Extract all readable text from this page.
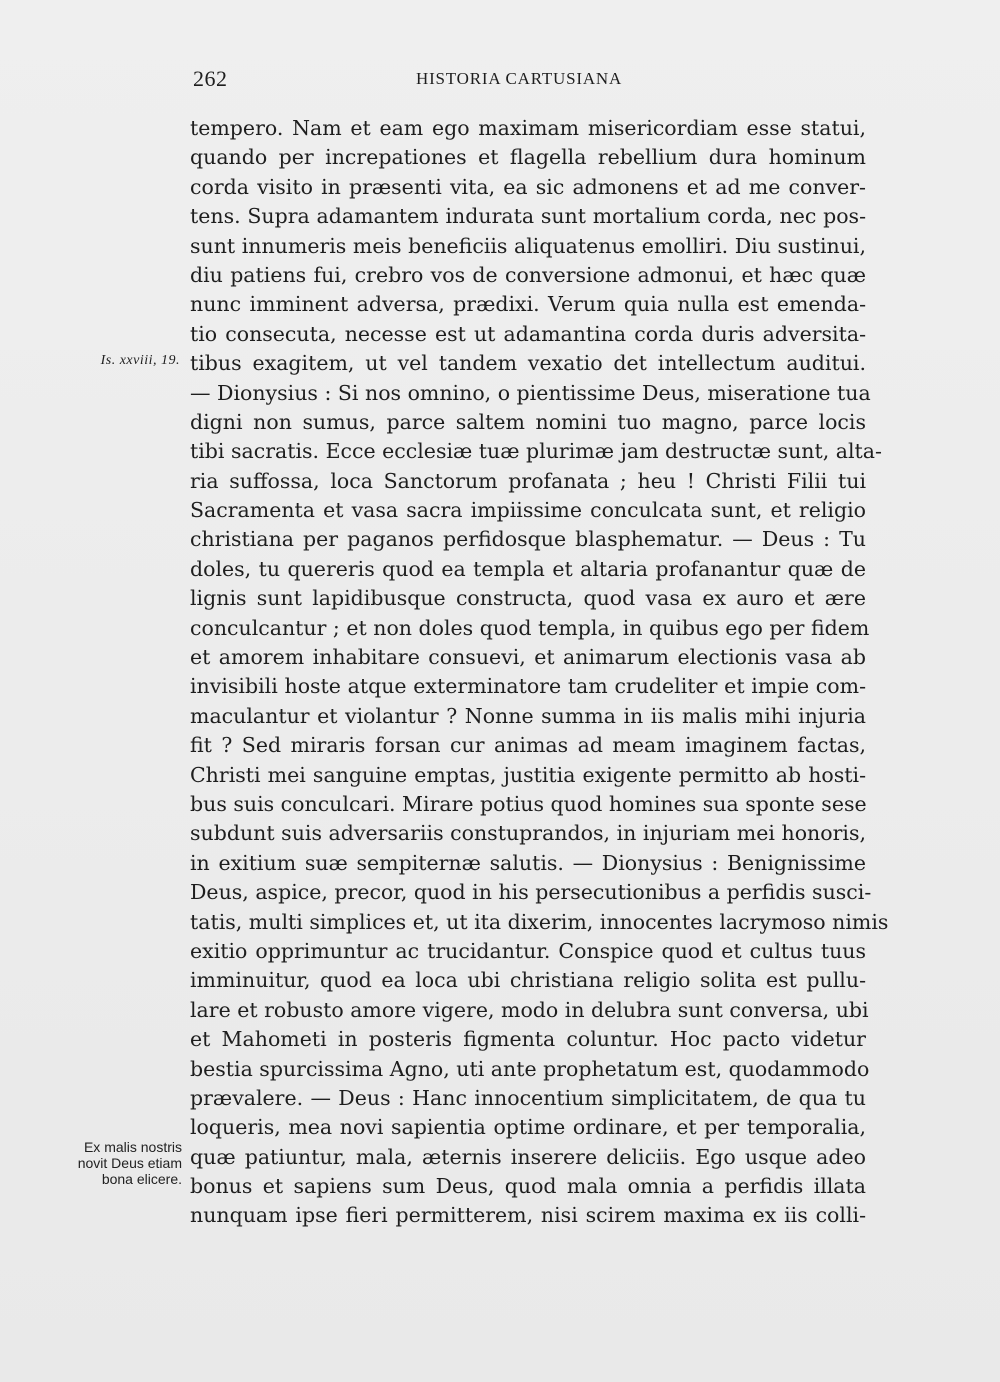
262	HISTORIA CARTUSIANA
Is. xxviii, 19.
Ex malis nostris
novit Deus etiam
bona elicere.
tempero. Nam et eam ego maximam misericordiam esse statui,
quando per increpationes et flagella rebellium dura hominum
corda visito in præsenti vita, ea sic admonens et ad me conver-
tens. Supra adamantem indurata sunt mortalium corda, nec pos-
sunt innumeris meis beneficiis aliquatenus emolliri. Diu sustinui,
diu patiens fui, crebro vos de conversione admonui, et hæc quæ
nunc imminent adversa, prædixi. Verum quia nulla est emenda-
tio consecuta, necesse est ut adamantina corda duris adversita-
tibus exagitem, ut vel tandem vexatio det intellectum auditui.
— Dionysius : Si nos omnino, o pientissime Deus, miseratione tua
digni non sumus, parce saltem nomini tuo magno, parce locis
tibi sacratis. Ecce ecclesiæ tuæ plurimæ jam destructæ sunt, alta-
ria suffossa, loca Sanctorum profanata ; heu ! Christi Filii tui
Sacramenta et vasa sacra impiissime conculcata sunt, et religio
christiana per paganos perfidosque blasphematur. — Deus : Tu
doles, tu quereris quod ea templa et altaria profanantur quæ de
lignis sunt lapidibusque constructa, quod vasa ex auro et ære
conculcantur ; et non doles quod templa, in quibus ego per fidem
et amorem inhabitare consuevi, et animarum electionis vasa ab
invisibili hoste atque exterminatore tam crudeliter et impie com-
maculantur et violantur ? Nonne summa in iis malis mihi injuria
fit ? Sed miraris forsan cur animas ad meam imaginem factas,
Christi mei sanguine emptas, justitia exigente permitto ab hosti-
bus suis conculcari. Mirare potius quod homines sua sponte sese
subdunt suis adversariis constuprandos, in injuriam mei honoris,
in exitium suæ sempiternæ salutis. — Dionysius : Benignissime
Deus, aspice, precor, quod in his persecutionibus a perfidis susci-
tatis, multi simplices et, ut ita dixerim, innocentes lacrymoso nimis
exitio opprimuntur ac trucidantur. Conspice quod et cultus tuus
imminuitur, quod ea loca ubi christiana religio solita est pullu-
lare et robusto amore vigere, modo in delubra sunt conversa, ubi
et Mahometi in posteris figmenta coluntur. Hoc pacto videtur
bestia spurcissima Agno, uti ante prophetatum est, quodammodo
prævalere. — Deus : Hanc innocentium simplicitatem, de qua tu
loqueris, mea novi sapientia optime ordinare, et per temporalia,
quæ patiuntur, mala, æternis inserere deliciis. Ego usque adeo
bonus et sapiens sum Deus, quod mala omnia a perfidis illata
nunquam ipse fieri permitterem, nisi scirem maxima ex iis colli-
